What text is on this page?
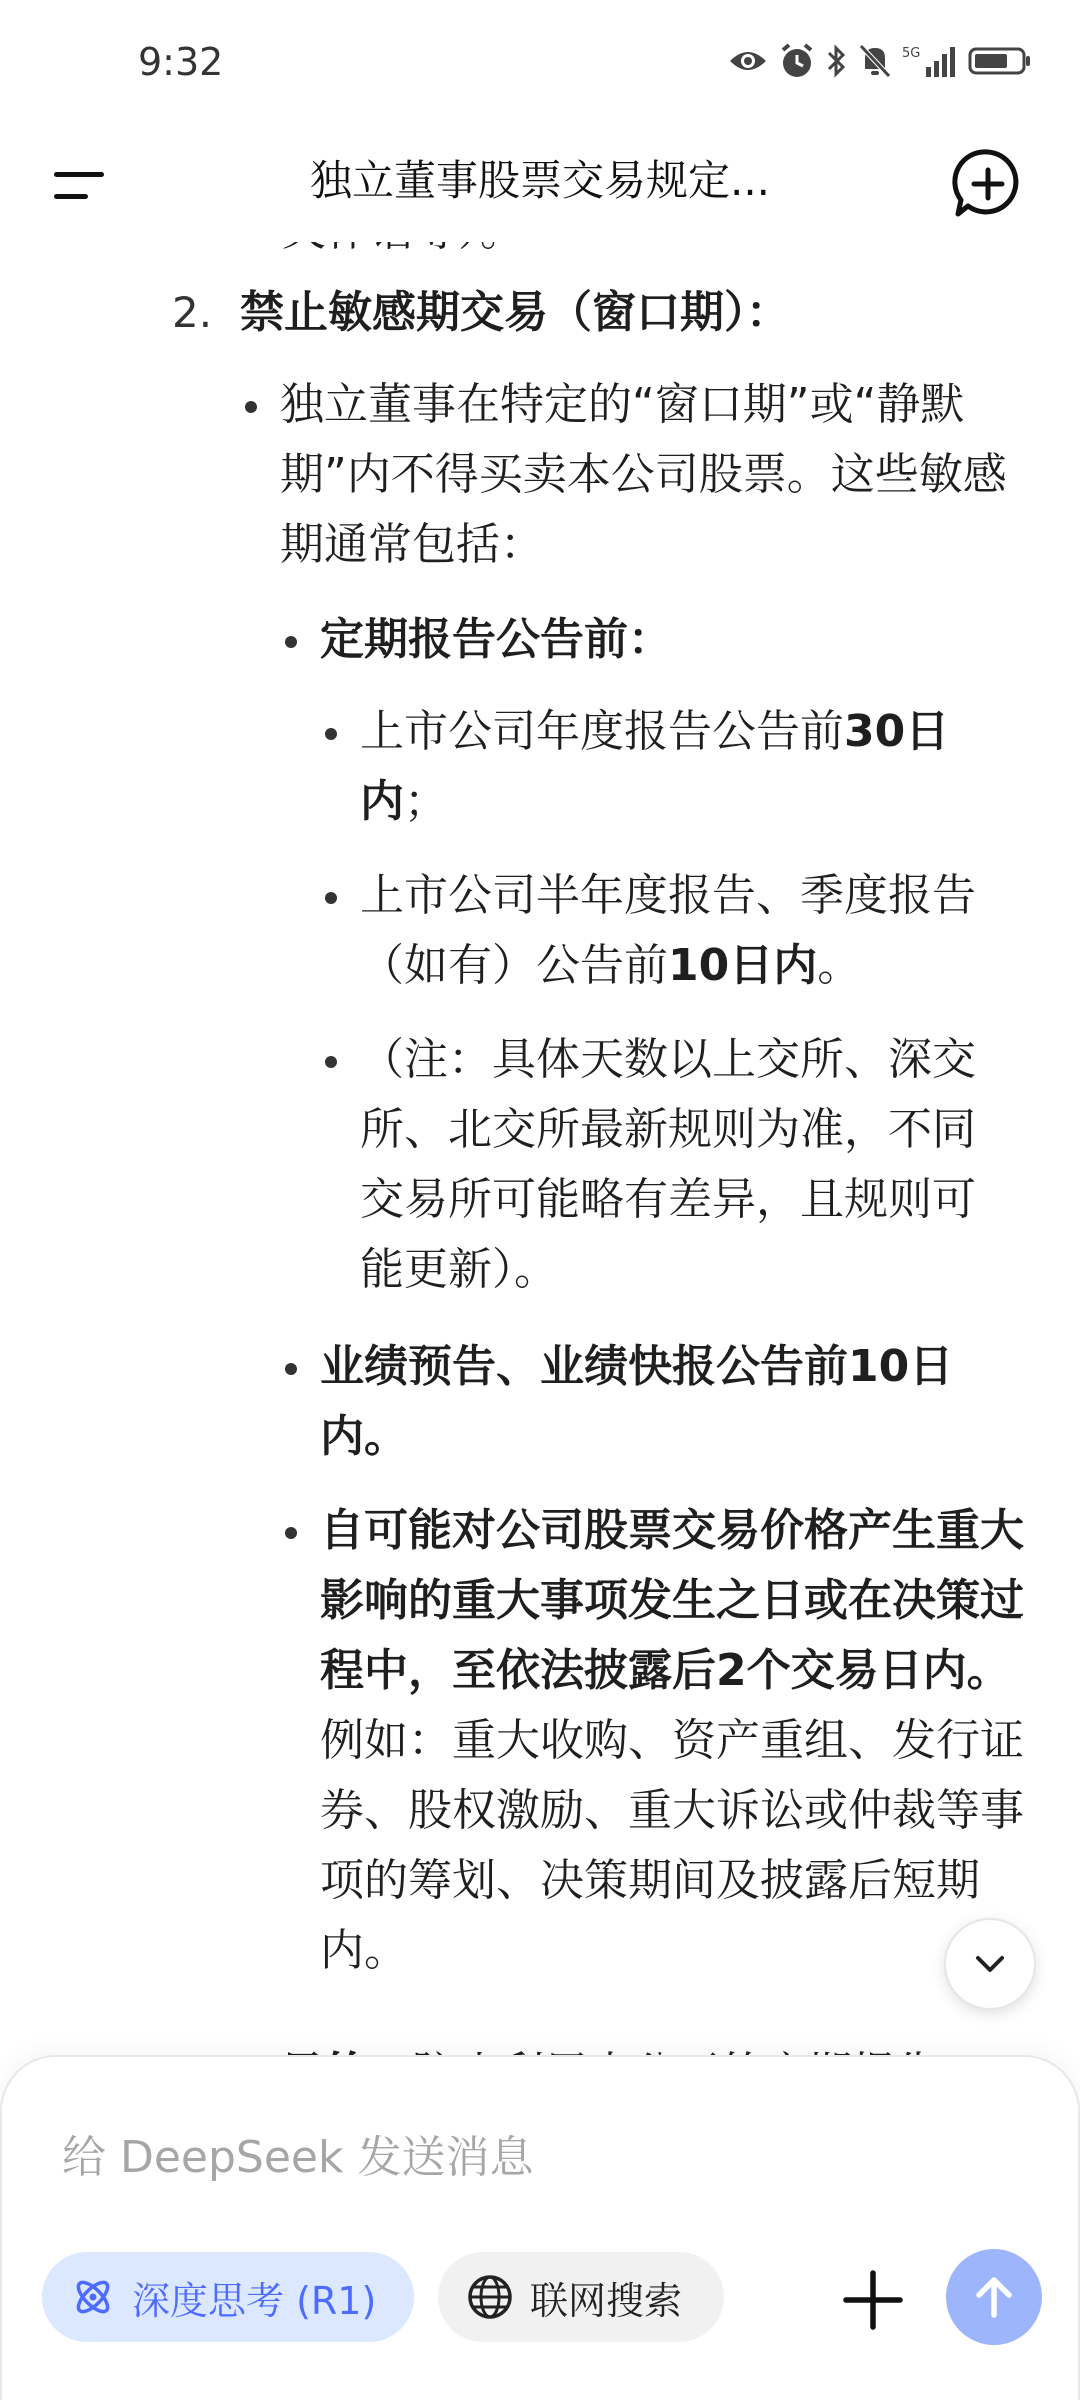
2. 禁止敏感期交易（窗口期）：
独立董事在特定的“窗口期”或“静默期”内不得买卖本公司股票。这些敏感期通常包括：
定期报告公告前：
上市公司年度报告公告前30日内；
上市公司半年度报告、季度报告（如有）公告前10日内。
（注：具体天数以上交所、深交所、北交所最新规则为准，不同交易所可能略有差异，且规则可能更新）。
业绩预告、业绩快报公告前10日内。
自可能对公司股票交易价格产生重大影响的重大事项发生之日或在决策过程中，至依法披露后2个交易日内。 例如：重大收购、资产重组、发行证券、股权激励、重大诉讼或仲裁等事项的筹划、决策期间及披露后短期内。
9:32	5G
独立董事股票交易规定...
给 DeepSeek 发送消息
深度思考 (R1)	联网搜索
